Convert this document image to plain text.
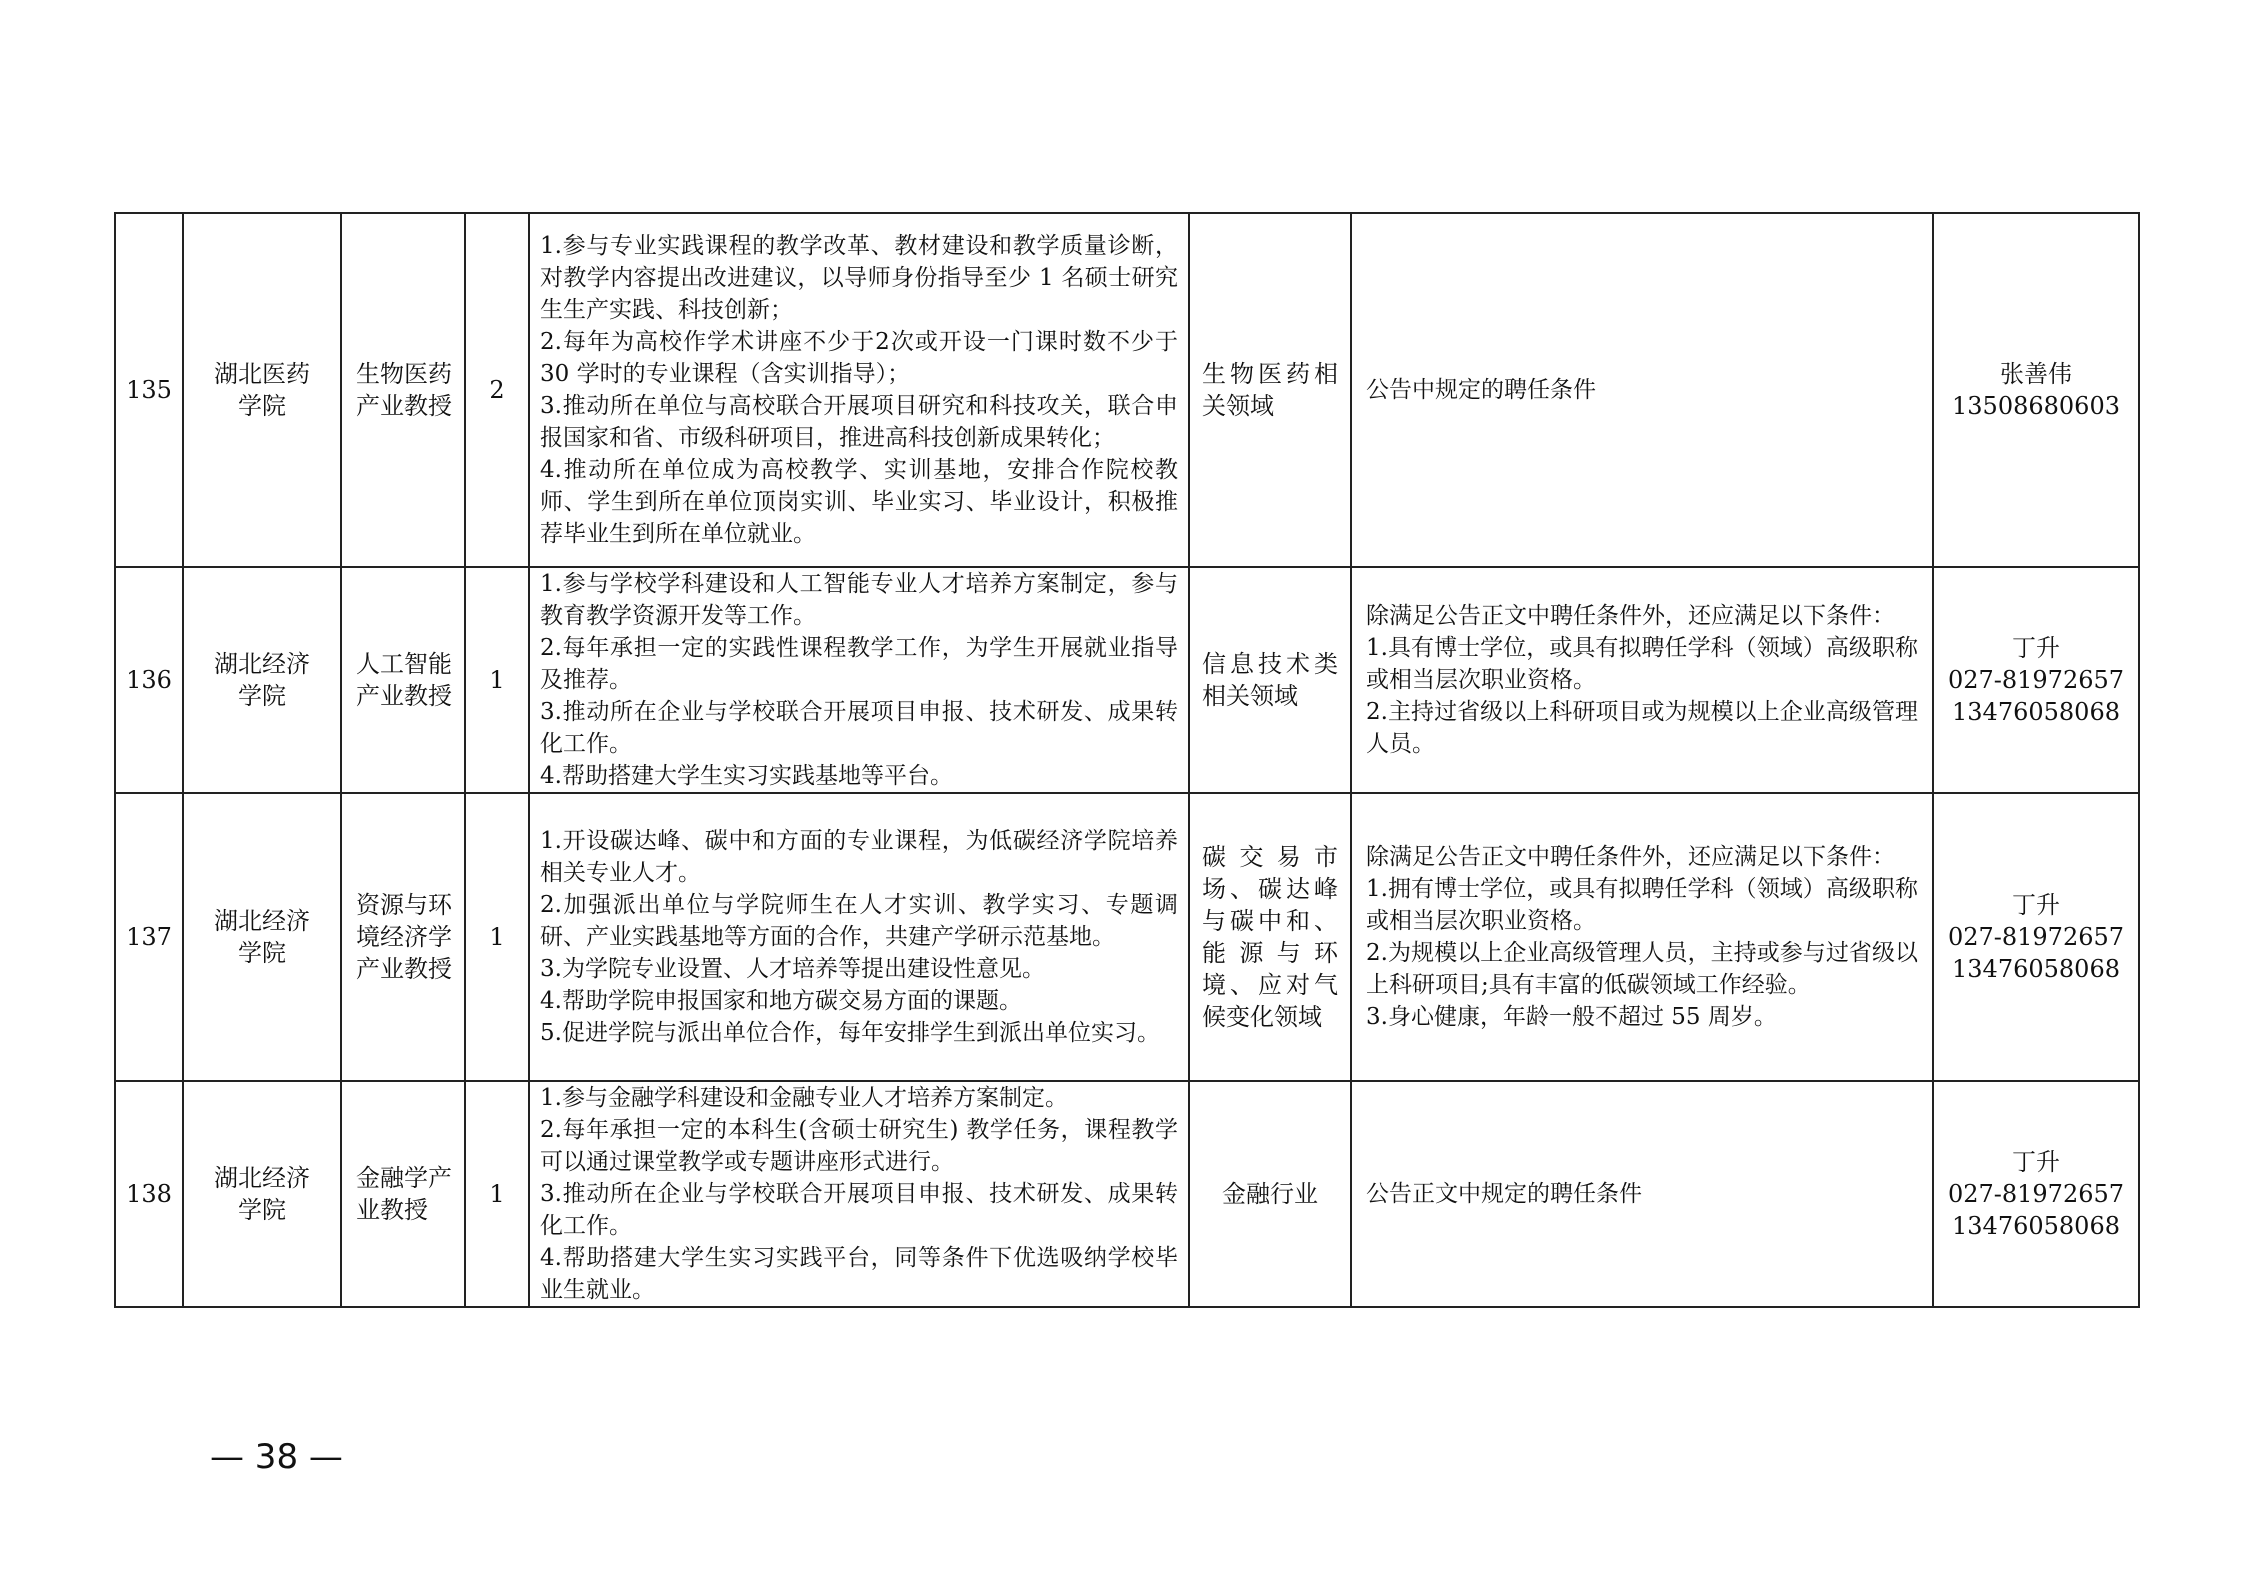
135	湖北医药学院	生物医药产业教授	2	1.参与专业实践课程的教学改革、教材建设和教学质量诊断，对教学内容提出改进建议，以导师身份指导至少 1 名硕士研究生生产实践、科技创新；
2.每年为高校作学术讲座不少于2次或开设一门课时数不少于 30 学时的专业课程（含实训指导）；
3.推动所在单位与高校联合开展项目研究和科技攻关，联合申报国家和省、市级科研项目，推进高科技创新成果转化；
4.推动所在单位成为高校教学、实训基地，安排合作院校教师、学生到所在单位顶岗实训、毕业实习、毕业设计，积极推荐毕业生到所在单位就业。	生物医药相关领域	公告中规定的聘任条件	张善伟
13508680603

136	湖北经济学院	人工智能产业教授	1	1.参与学校学科建设和人工智能专业人才培养方案制定，参与教育教学资源开发等工作。
2.每年承担一定的实践性课程教学工作，为学生开展就业指导及推荐。
3.推动所在企业与学校联合开展项目申报、技术研发、成果转化工作。
4.帮助搭建大学生实习实践基地等平台。	信息技术类相关领域	除满足公告正文中聘任条件外，还应满足以下条件：
1.具有博士学位，或具有拟聘任学科（领域）高级职称或相当层次职业资格。
2.主持过省级以上科研项目或为规模以上企业高级管理人员。	丁升
027-81972657
13476058068

137	湖北经济学院	资源与环境经济学产业教授	1	1.开设碳达峰、碳中和方面的专业课程，为低碳经济学院培养相关专业人才。
2.加强派出单位与学院师生在人才实训、教学实习、专题调研、产业实践基地等方面的合作，共建产学研示范基地。
3.为学院专业设置、人才培养等提出建设性意见。
4.帮助学院申报国家和地方碳交易方面的课题。
5.促进学院与派出单位合作，每年安排学生到派出单位实习。	碳交易市场、碳达峰与碳中和、能源与环境、应对气候变化领域	除满足公告正文中聘任条件外，还应满足以下条件：
1.拥有博士学位，或具有拟聘任学科（领域）高级职称或相当层次职业资格。
2.为规模以上企业高级管理人员，主持或参与过省级以上科研项目;具有丰富的低碳领域工作经验。
3.身心健康，年龄一般不超过 55 周岁。	丁升
027-81972657
13476058068

138	湖北经济学院	金融学产业教授	1	1.参与金融学科建设和金融专业人才培养方案制定。
2.每年承担一定的本科生(含硕士研究生) 教学任务，课程教学可以通过课堂教学或专题讲座形式进行。
3.推动所在企业与学校联合开展项目申报、技术研发、成果转化工作。
4.帮助搭建大学生实习实践平台，同等条件下优选吸纳学校毕业生就业。	金融行业	公告正文中规定的聘任条件	丁升
027-81972657
13476058068
— 38 —
